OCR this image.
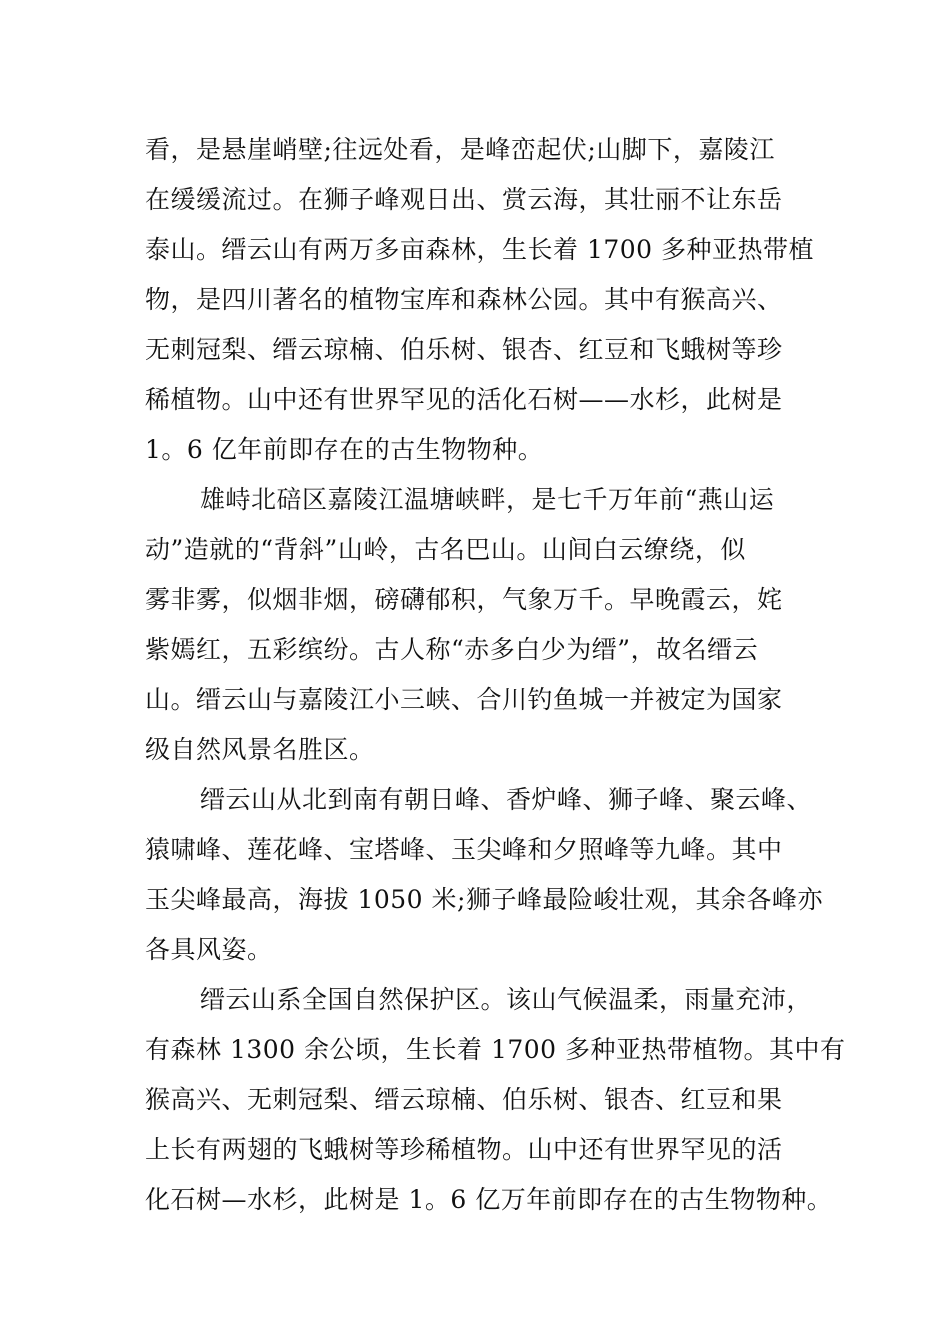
看，是悬崖峭壁;往远处看，是峰峦起伏;山脚下，嘉陵江
在缓缓流过。在狮子峰观日出、赏云海，其壮丽不让东岳
泰山。缙云山有两万多亩森林，生长着 1700 多种亚热带植
物，是四川著名的植物宝库和森林公园。其中有猴高兴、
无刺冠梨、缙云琼楠、伯乐树、银杏、红豆和飞蛾树等珍
稀植物。山中还有世界罕见的活化石树——水杉，此树是
1。6 亿年前即存在的古生物物种。
雄峙北碚区嘉陵江温塘峡畔，是七千万年前“燕山运
动”造就的“背斜”山岭，古名巴山。山间白云缭绕，似
雾非雾，似烟非烟，磅礴郁积，气象万千。早晚霞云，姹
紫嫣红，五彩缤纷。古人称“赤多白少为缙”，故名缙云
山。缙云山与嘉陵江小三峡、合川钓鱼城一并被定为国家
级自然风景名胜区。
缙云山从北到南有朝日峰、香炉峰、狮子峰、聚云峰、
猿啸峰、莲花峰、宝塔峰、玉尖峰和夕照峰等九峰。其中
玉尖峰最高，海拔 1050 米;狮子峰最险峻壮观，其余各峰亦
各具风姿。
缙云山系全国自然保护区。该山气候温柔，雨量充沛，
有森林 1300 余公顷，生长着 1700 多种亚热带植物。其中有
猴高兴、无刺冠梨、缙云琼楠、伯乐树、银杏、红豆和果
上长有两翅的飞蛾树等珍稀植物。山中还有世界罕见的活
化石树—水杉，此树是 1。6 亿万年前即存在的古生物物种。
